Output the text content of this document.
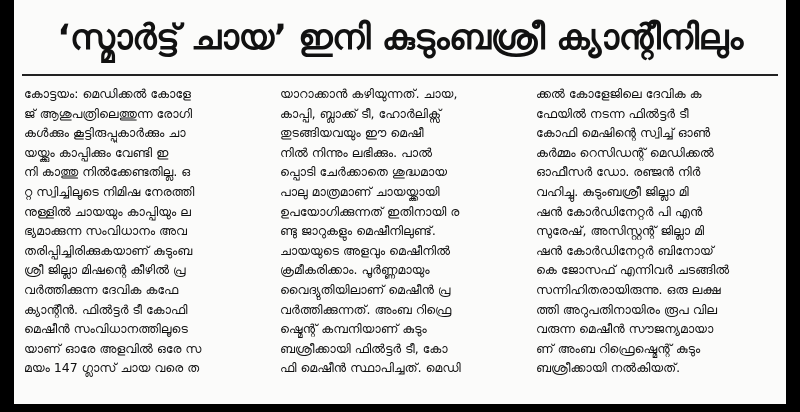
‘സ്മാർട്ട് ചായ’ ഇനി കുടുംബശ്രീ ക്യാന്റീനിലും
കോട്ടയം: മെഡിക്കൽ കോളേ
ജ് ആശുപത്രിലെത്തുന്ന രോഗി
കൾക്കും കൂട്ടിരുപ്പുകാർക്കും ചാ
യയ്ക്കും കാപ്പിക്കും വേണ്ടി ഇ
നി കാത്തു നിൽക്കേണ്ടതില്ല. ഒ
റ്റ സ്വിച്ചിലൂടെ നിമിഷ നേരത്തി
നുള്ളിൽ ചായയും കാപ്പിയും ല
ഭ്യമാക്കുന്ന സംവിധാനം അവ
തരിപ്പിച്ചിരിക്കുകയാണ് കുടുംബ
ശ്രീ ജില്ലാ മിഷന്റെ കീഴിൽ പ്ര
വർത്തിക്കുന്ന ദേവിക കഫേ
ക്യാന്റീൻ. ഫിൽട്ടർ ടീ കോഫി
മെഷീൻ സംവിധാനത്തിലൂടെ
യാണ് ഓരേ അളവിൽ ഒരേ സ
മയം 147 ഗ്ലാസ് ചായ വരെ ത
യാറാക്കാൻ കഴിയുന്നത്. ചായ,
കാപ്പി, ബ്ലാക്ക് ടീ, ഹോർലിക്സ്
തുടങ്ങിയവയും ഈ മെഷീ
നിൽ നിന്നും ലഭിക്കും. പാൽ
പ്പൊടി ചേർക്കാതെ ശുദ്ധമായ
പാലു മാത്രമാണ് ചായയ്ക്കായി
ഉപയോഗിക്കുന്നത് ഇതിനായി ര
ണ്ടു ജാറുകളും മെഷീനിലുണ്ട്.
ചായയുടെ അളവും മെഷീനിൽ
ക്രമീകരിക്കാം. പൂർണ്ണമായും
വൈദ്യുതിയിലാണ് മെഷീൻ പ്ര
വർത്തിക്കുന്നത്. അംബ റിഫ്രെ
ഷ്മെന്റ് കമ്പനിയാണ് കുടും
ബശ്രീക്കായി ഫിൽട്ടർ ടീ, കോ
ഫി മെഷീൻ സ്ഥാപിച്ചത്. മെഡി
ക്കൽ കോളേജിലെ ദേവിക ക
ഫേയിൽ നടന്ന ഫിൽട്ടർ ടീ
കോഫി മെഷിന്റെ സ്വിച്ച് ഓൺ
കർമ്മം റെസിഡന്റ് മെഡിക്കൽ
ഓഫീസർ ഡോ. രഞ്ജൻ നിർ
വഹിച്ചു. കുടുംബശ്രീ ജില്ലാ മി
ഷൻ കോർഡിനേറ്റർ പി എൻ
സുരേഷ്, അസിസ്റ്റന്റ് ജില്ലാ മി
ഷൻ കോർഡിനേറ്റർ ബിനോയ്
കെ ജോസഫ് എന്നിവർ ചടങ്ങിൽ
സന്നിഹിതരായിരുന്നു. ഒരു ലക്ഷ
ത്തി അറുപതിനായിരം രൂപ വില
വരുന്ന മെഷീൻ സൗജന്യമായാ
ണ് അംബ റിഫ്രെഷ്മെന്റ് കുടും
ബശ്രീക്കായി നൽകിയത്.
